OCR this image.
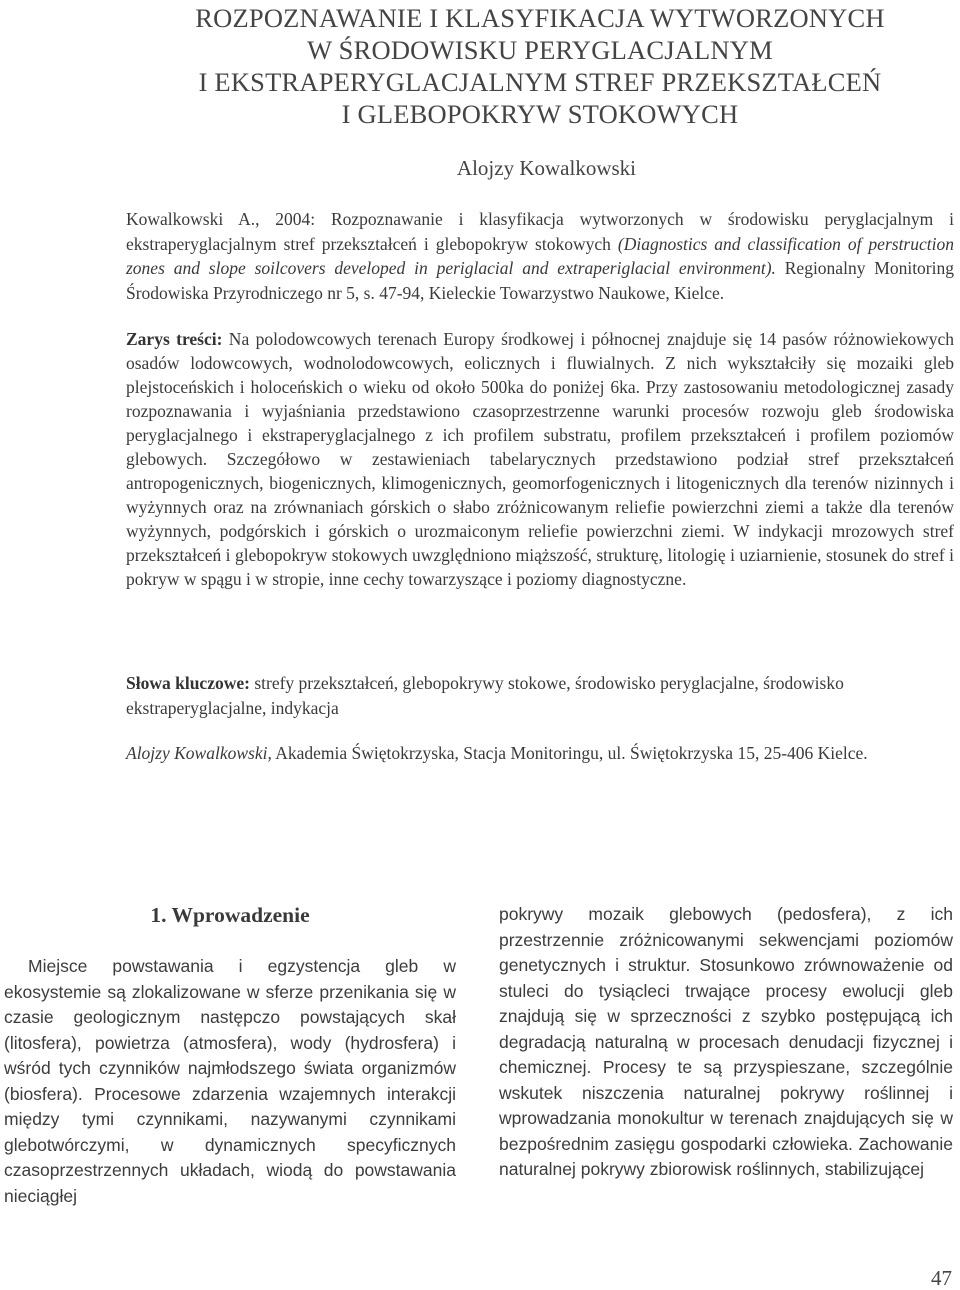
ROZPOZNAWANIE I KLASYFIKACJA WYTWORZONYCH
W ŚRODOWISKU PERYGLACJALNYM
I EKSTRAPERYGLACJALNYM STREF PRZEKSZTAŁCEŃ
I GLEBOPOKRYW STOKOWYCH
Alojzy Kowalkowski
Kowalkowski A., 2004: Rozpoznawanie i klasyfikacja wytworzonych w środowisku peryglacjalnym i ekstraperyglacjalnym stref przekształceń i glebopokryw stokowych (Diagnostics and classification of perstruction zones and slope soilcovers developed in periglacial and extraperiglacial environment). Regionalny Monitoring Środowiska Przyrodniczego nr 5, s. 47-94, Kieleckie Towarzystwo Naukowe, Kielce.
Zarys treści: Na polodowcowych terenach Europy środkowej i północnej znajduje się 14 pasów różnowiekowych osadów lodowcowych, wodnolodowcowych, eolicznych i fluwialnych. Z nich wykształciły się mozaiki gleb plejstoceńskich i holoceńskich o wieku od około 500ka do poniżej 6ka. Przy zastosowaniu metodologicznej zasady rozpoznawania i wyjaśniania przedstawiono czasoprzestrzenne warunki procesów rozwoju gleb środowiska peryglacjalnego i ekstraperyglacjalnego z ich profilem substratu, profilem przekształceń i profilem poziomów glebowych. Szczegółowo w zestawieniach tabelarycznych przedstawiono podział stref przekształceń antropogenicznych, biogenicznych, klimogenicznych, geomorfogenicznych i litogenicznych dla terenów nizinnych i wyżynnych oraz na zrównaniach górskich o słabo zróżnicowanym reliefie powierzchni ziemi a także dla terenów wyżynnych, podgórskich i górskich o urozmaiconym reliefie powierzchni ziemi. W indykacji mrozowych stref przekształceń i glebopokryw stokowych uwzględniono miąższość, strukturę, litologię i uziarnienie, stosunek do stref i pokryw w spągu i w stropie, inne cechy towarzyszące i poziomy diagnostyczne.
Słowa kluczowe: strefy przekształceń, glebopokrywy stokowe, środowisko peryglacjalne, środowisko ekstraperyglacjalne, indykacja
Alojzy Kowalkowski, Akademia Świętokrzyska, Stacja Monitoringu, ul. Świętokrzyska 15, 25-406 Kielce.
1. Wprowadzenie
Miejsce powstawania i egzystencja gleb w ekosystemie są zlokalizowane w sferze przenikania się w czasie geologicznym następczo powstających skał (litosfera), powietrza (atmosfera), wody (hydrosfera) i wśród tych czynników najmłodszego świata organizmów (biosfera). Procesowe zdarzenia wzajemnych interakcji między tymi czynnikami, nazywanymi czynnikami glebotwórczymi, w dynamicznych specyficznych czasoprzestrzennych układach, wiodą do powstawania nieciągłej
pokrywy mozaik glebowych (pedosfera), z ich przestrzennie zróżnicowanymi sekwencjami poziomów genetycznych i struktur. Stosunkowo zrównoważenie od stuleci do tysiącleci trwające procesy ewolucji gleb znajdują się w sprzeczności z szybko postępującą ich degradacją naturalną w procesach denudacji fizycznej i chemicznej. Procesy te są przyspieszane, szczególnie wskutek niszczenia naturalnej pokrywy roślinnej i wprowadzania monokultur w terenach znajdujących się w bezpośrednim zasięgu gospodarki człowieka. Zachowanie naturalnej pokrywy zbiorowisk roślinnych, stabilizującej
47
